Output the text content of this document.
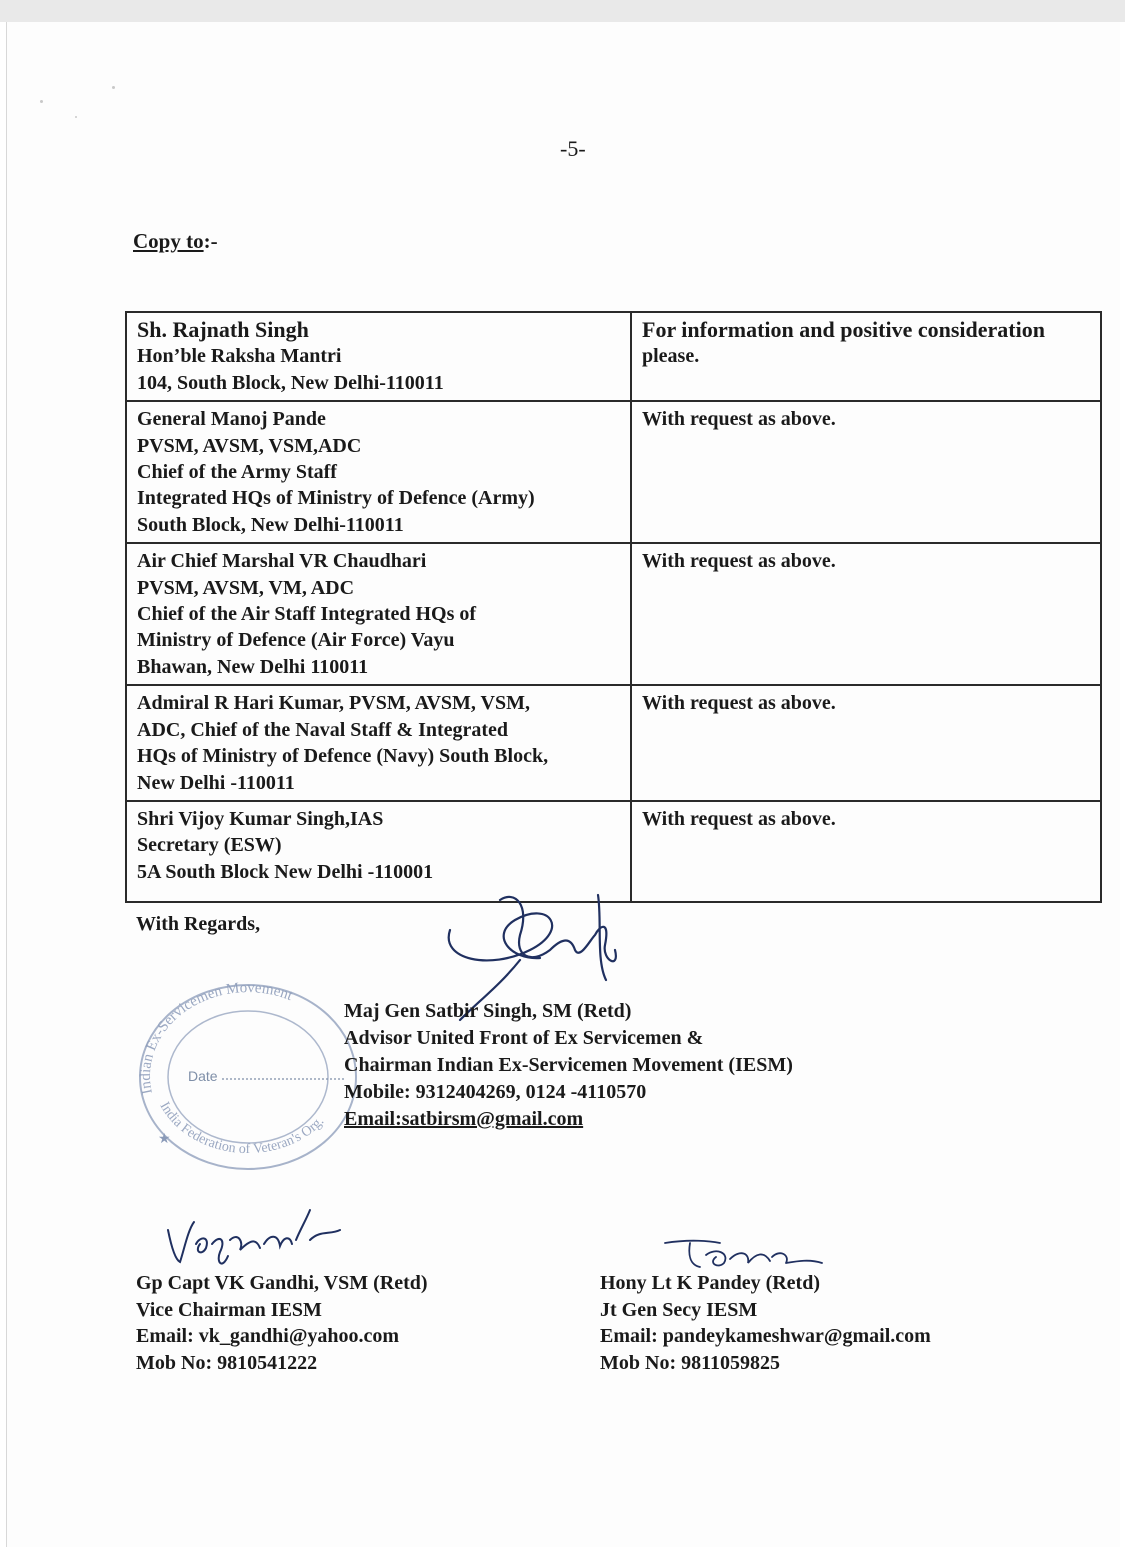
-5-
Copy to:-
Sh. Rajnath Singh
Hon’ble Raksha Mantri
104, South Block, New Delhi-110011	For information and positive consideration
please.

General Manoj Pande
PVSM, AVSM, VSM,ADC
Chief of the Army Staff
Integrated HQs of Ministry of Defence (Army)
South Block, New Delhi-110011	With request as above.

Air Chief Marshal VR Chaudhari
PVSM, AVSM, VM, ADC
Chief of the Air Staff Integrated HQs of
Ministry of Defence (Air Force) Vayu
Bhawan, New Delhi 110011	With request as above.

Admiral R Hari Kumar, PVSM, AVSM, VSM,
ADC, Chief of the Naval Staff & Integrated
HQs of Ministry of Defence (Navy) South Block,
New Delhi -110011	With request as above.

Shri Vijoy Kumar Singh,IAS
Secretary (ESW)
5A South Block New Delhi -110001	With request as above.
With Regards,
Indian Ex-Servicemen Movement
India Federation of Veteran's Org.
Date
★
Maj Gen Satbir Singh, SM (Retd)
Advisor United Front of Ex Servicemen &
Chairman Indian Ex-Servicemen Movement (IESM)
Mobile: 9312404269, 0124 -4110570
Email:satbirsm@gmail.com
Gp Capt VK Gandhi, VSM (Retd)
Vice Chairman IESM
Email: vk_gandhi@yahoo.com
Mob No: 9810541222
Hony Lt K Pandey (Retd)
Jt Gen Secy IESM
Email: pandeykameshwar@gmail.com
Mob No: 9811059825
